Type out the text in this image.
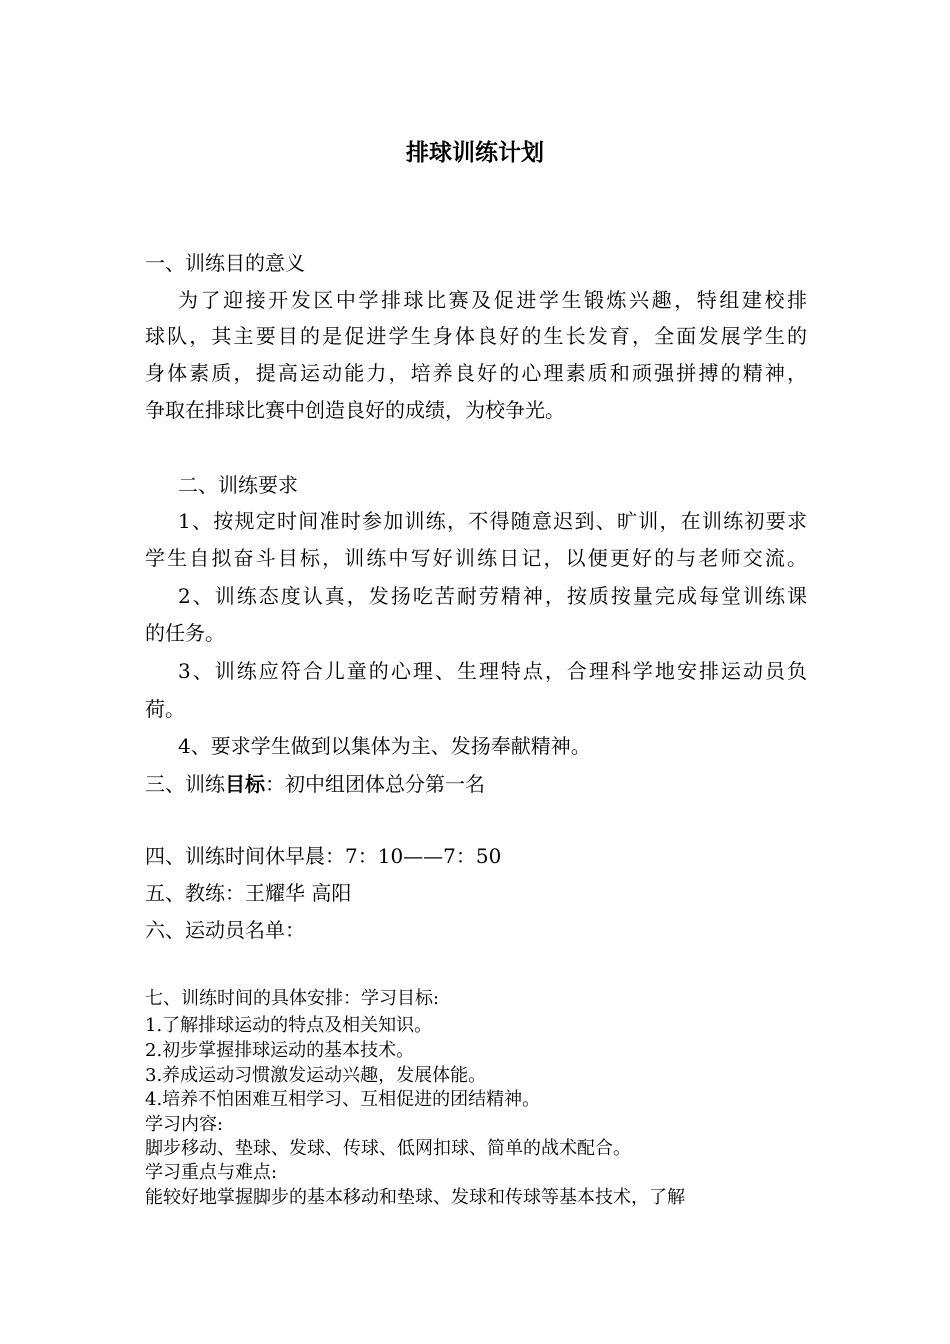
排球训练计划
一、训练目的意义
为了迎接开发区中学排球比赛及促进学生锻炼兴趣，特组建校排
球队，其主要目的是促进学生身体良好的生长发育，全面发展学生的
身体素质，提高运动能力，培养良好的心理素质和顽强拼搏的精神，
争取在排球比赛中创造良好的成绩，为校争光。
二、训练要求
1、按规定时间准时参加训练，不得随意迟到、旷训，在训练初要求
学生自拟奋斗目标，训练中写好训练日记，以便更好的与老师交流。
2、训练态度认真，发扬吃苦耐劳精神，按质按量完成每堂训练课
的任务。
3、训练应符合儿童的心理、生理特点，合理科学地安排运动员负
荷。
4、要求学生做到以集体为主、发扬奉献精神。
三、训练目标：初中组团体总分第一名
四、训练时间休早晨：7：10——7：50
五、教练：王耀华 高阳
六、运动员名单：
七、训练时间的具体安排：学习目标:
1.了解排球运动的特点及相关知识。
2.初步掌握排球运动的基本技术。
3.养成运动习惯激发运动兴趣，发展体能。
4.培养不怕困难互相学习、互相促进的团结精神。
学习内容:
脚步移动、垫球、发球、传球、低网扣球、简单的战术配合。
学习重点与难点:
能较好地掌握脚步的基本移动和垫球、发球和传球等基本技术，了解
